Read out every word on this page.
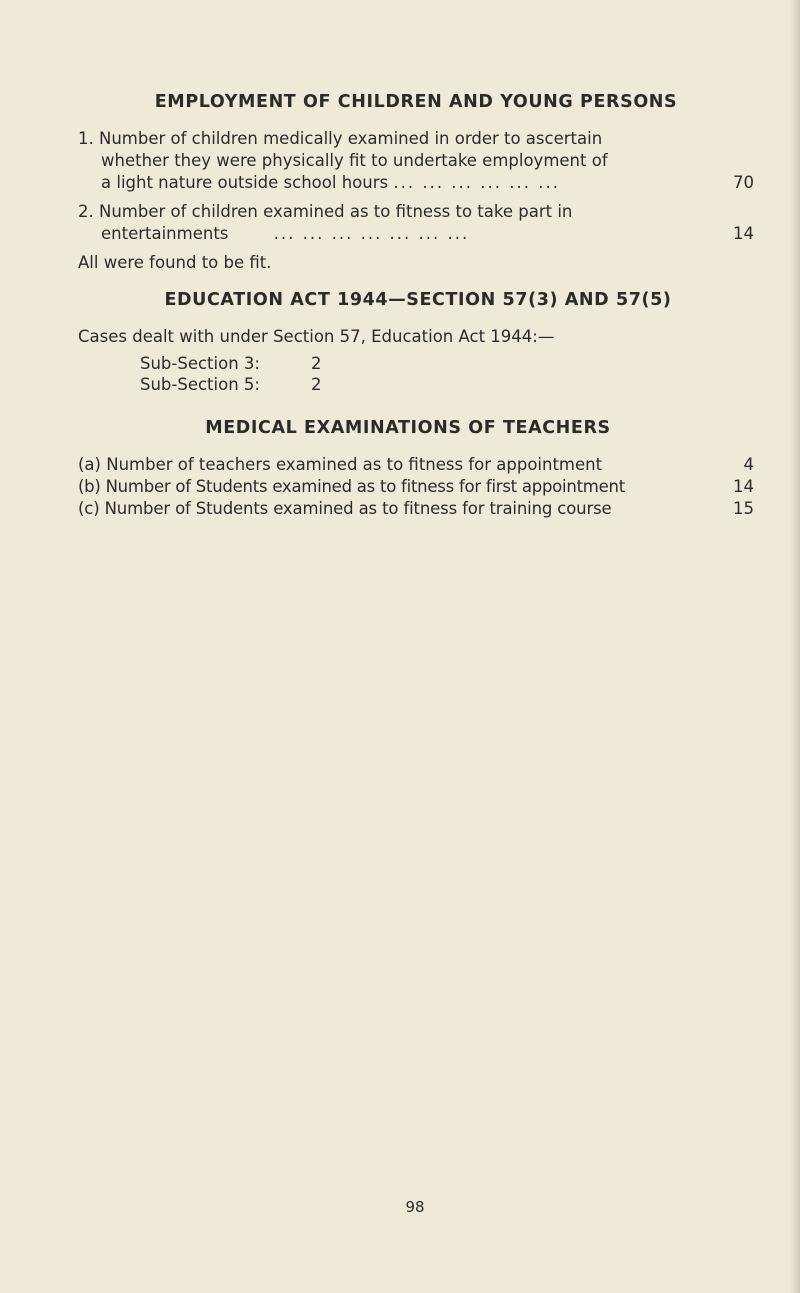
EMPLOYMENT OF CHILDREN AND YOUNG PERSONS

1. Number of children medically examined in order to ascertain

whether they were physically fit to undertake employment of

a light nature outside school hours ... ... ... ... ... ...	70

2. Number of children examined as to fitness to take part in

entertainments	... ... ... ... ... ... ...	14

All were found to be fit.

EDUCATION ACT 1944—SECTION 57(3) AND 57(5)

Cases dealt with under Section 57, Education Act 1944:—

Sub-Section 3:	2

Sub-Section 5:	2

MEDICAL EXAMINATIONS OF TEACHERS

(a) Number of teachers examined as to fitness for appointment	4

(b) Number of Students examined as to fitness for first appointment	14

(c) Number of Students examined as to fitness for training course	15
98
